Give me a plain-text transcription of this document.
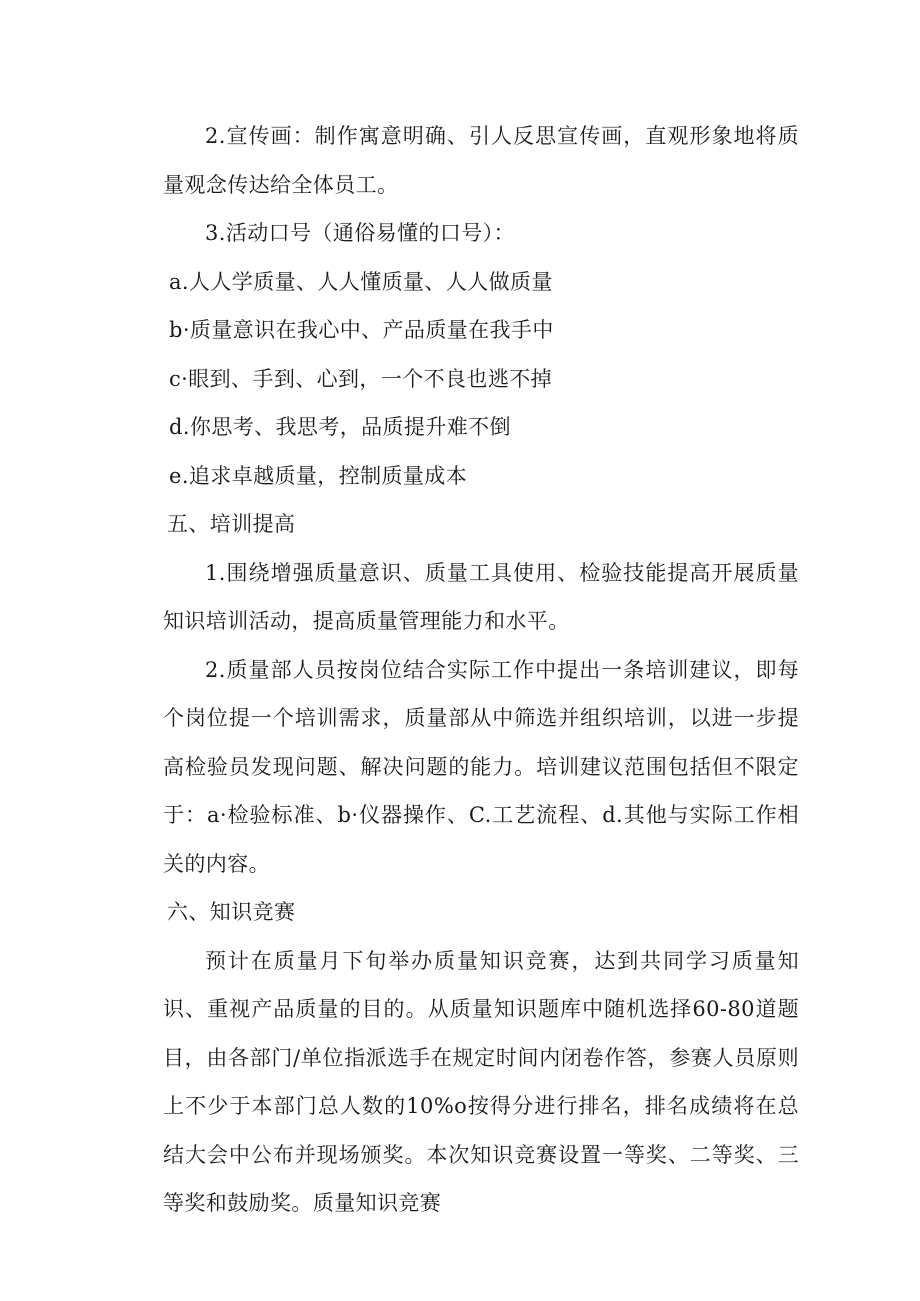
2.宣传画：制作寓意明确、引人反思宣传画，直观形象地将质量观念传达给全体员工。

3.活动口号（通俗易懂的口号）：

a.人人学质量、人人懂质量、人人做质量

b·质量意识在我心中、产品质量在我手中

c·眼到、手到、心到，一个不良也逃不掉

d.你思考、我思考，品质提升难不倒

e.追求卓越质量，控制质量成本

五、培训提高

1.围绕增强质量意识、质量工具使用、检验技能提高开展质量知识培训活动，提高质量管理能力和水平。

2.质量部人员按岗位结合实际工作中提出一条培训建议，即每个岗位提一个培训需求，质量部从中筛选并组织培训，以进一步提高检验员发现问题、解决问题的能力。培训建议范围包括但不限定于：a·检验标准、b·仪器操作、C.工艺流程、d.其他与实际工作相关的内容。

六、知识竞赛

预计在质量月下旬举办质量知识竞赛，达到共同学习质量知识、重视产品质量的目的。从质量知识题库中随机选择60-80道题目，由各部门/单位指派选手在规定时间内闭卷作答，参赛人员原则上不少于本部门总人数的10%o按得分进行排名，排名成绩将在总结大会中公布并现场颁奖。本次知识竞赛设置一等奖、二等奖、三等奖和鼓励奖。质量知识竞赛
